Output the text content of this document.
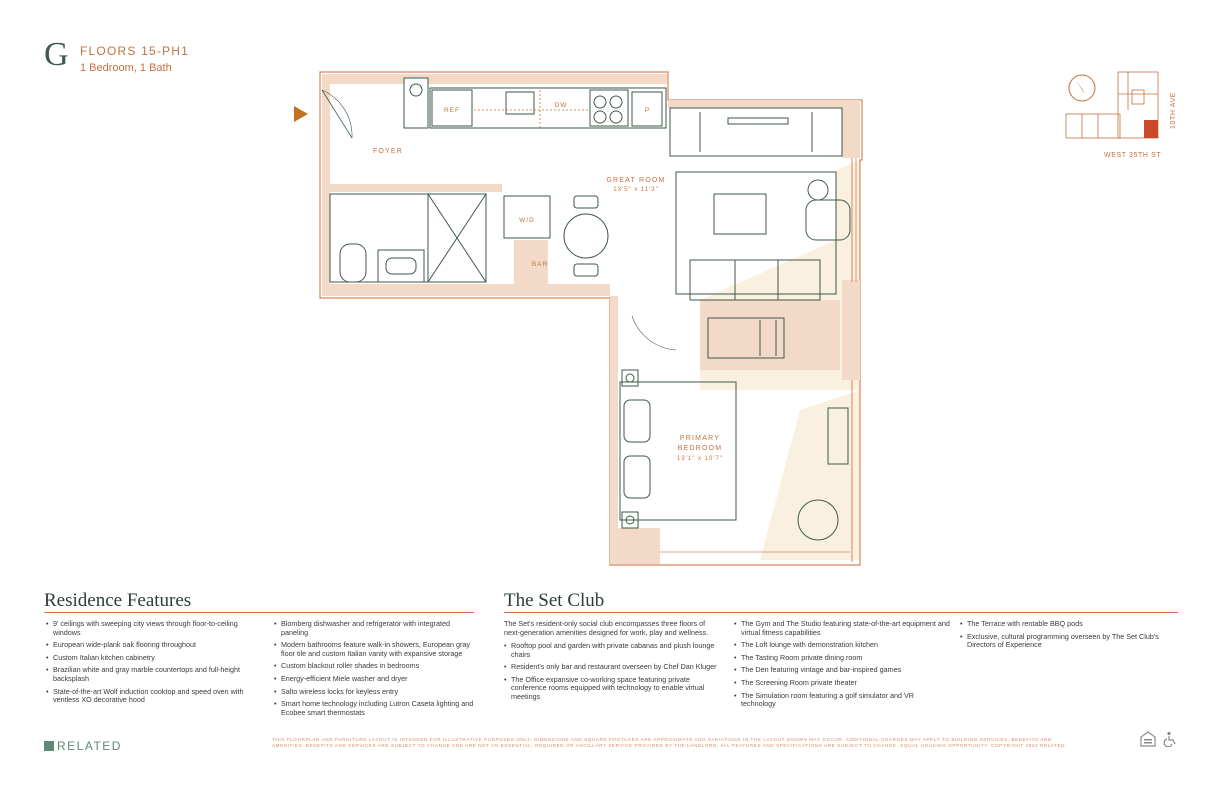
G FLOORS 15-PH1
1 Bedroom, 1 Bath
FOYER
GREAT ROOM
13'5" x 11'3"
PRIMARY
BEDROOM
13'1" x 10'7"
REF
DW
P
W/D
BAR
10TH AVE
WEST 35TH ST
Residence Features
• 9' ceilings with sweeping city views through floor-to-ceiling windows
• European wide-plank oak flooring throughout
• Custom Italian kitchen cabinetry
• Brazilian white and gray marble countertops and full-height backsplash
• State-of-the-art Wolf induction cooktop and speed oven with ventless XO decorative hood
• Blomberg dishwasher and refrigerator with integrated paneling
• Modern bathrooms feature walk-in showers, European gray floor tile and custom Italian vanity with expansive storage
• Custom blackout roller shades in bedrooms
• Energy-efficient Miele washer and dryer
• Salto wireless locks for keyless entry
• Smart home technology including Lutron Caseta lighting and Ecobee smart thermostats
The Set Club
The Set's resident-only social club encompasses three floors of next-generation amenities designed for work, play and wellness.
• Rooftop pool and garden with private cabanas and plush lounge chairs
• Resident's only bar and restaurant overseen by Chef Dan Kluger
• The Office expansive co-working space featuring private conference rooms equipped with technology to enable virtual meetings
• The Gym and The Studio featuring state-of-the-art equipment and virtual fitness capabilities
• The Loft lounge with demonstration kitchen
• The Tasting Room private dining room
• The Den featuring vintage and bar-inspired games
• The Screening Room private theater
• The Simulation room featuring a golf simulator and VR technology
• The Terrace with rentable BBQ pods
• Exclusive, cultural programming overseen by The Set Club's Directors of Experience
RELATED	THIS FLOORPLAN AND FURNITURE LAYOUT IS INTENDED FOR ILLUSTRATIVE PURPOSES ONLY. DIMENSIONS AND SQUARE FOOTAGES ARE APPROXIMATE AND VARIATIONS IN THE LAYOUT SHOWN MAY OCCUR. ADDITIONAL CHARGES MAY APPLY TO BUILDING SERVICES. BENEFITS AND AMENITIES. BENEFITS AND SERVICES ARE SUBJECT TO CHANGE AND ARE NOT AN ESSENTIAL, REQUIRED OR ANCILLARY SERVICE PROVIDED BY THE LANDLORD. ALL FEATURES AND SPECIFICATIONS ARE SUBJECT TO CHANGE. EQUAL HOUSING OPPORTUNITY. COPYRIGHT 2022 RELATED.
